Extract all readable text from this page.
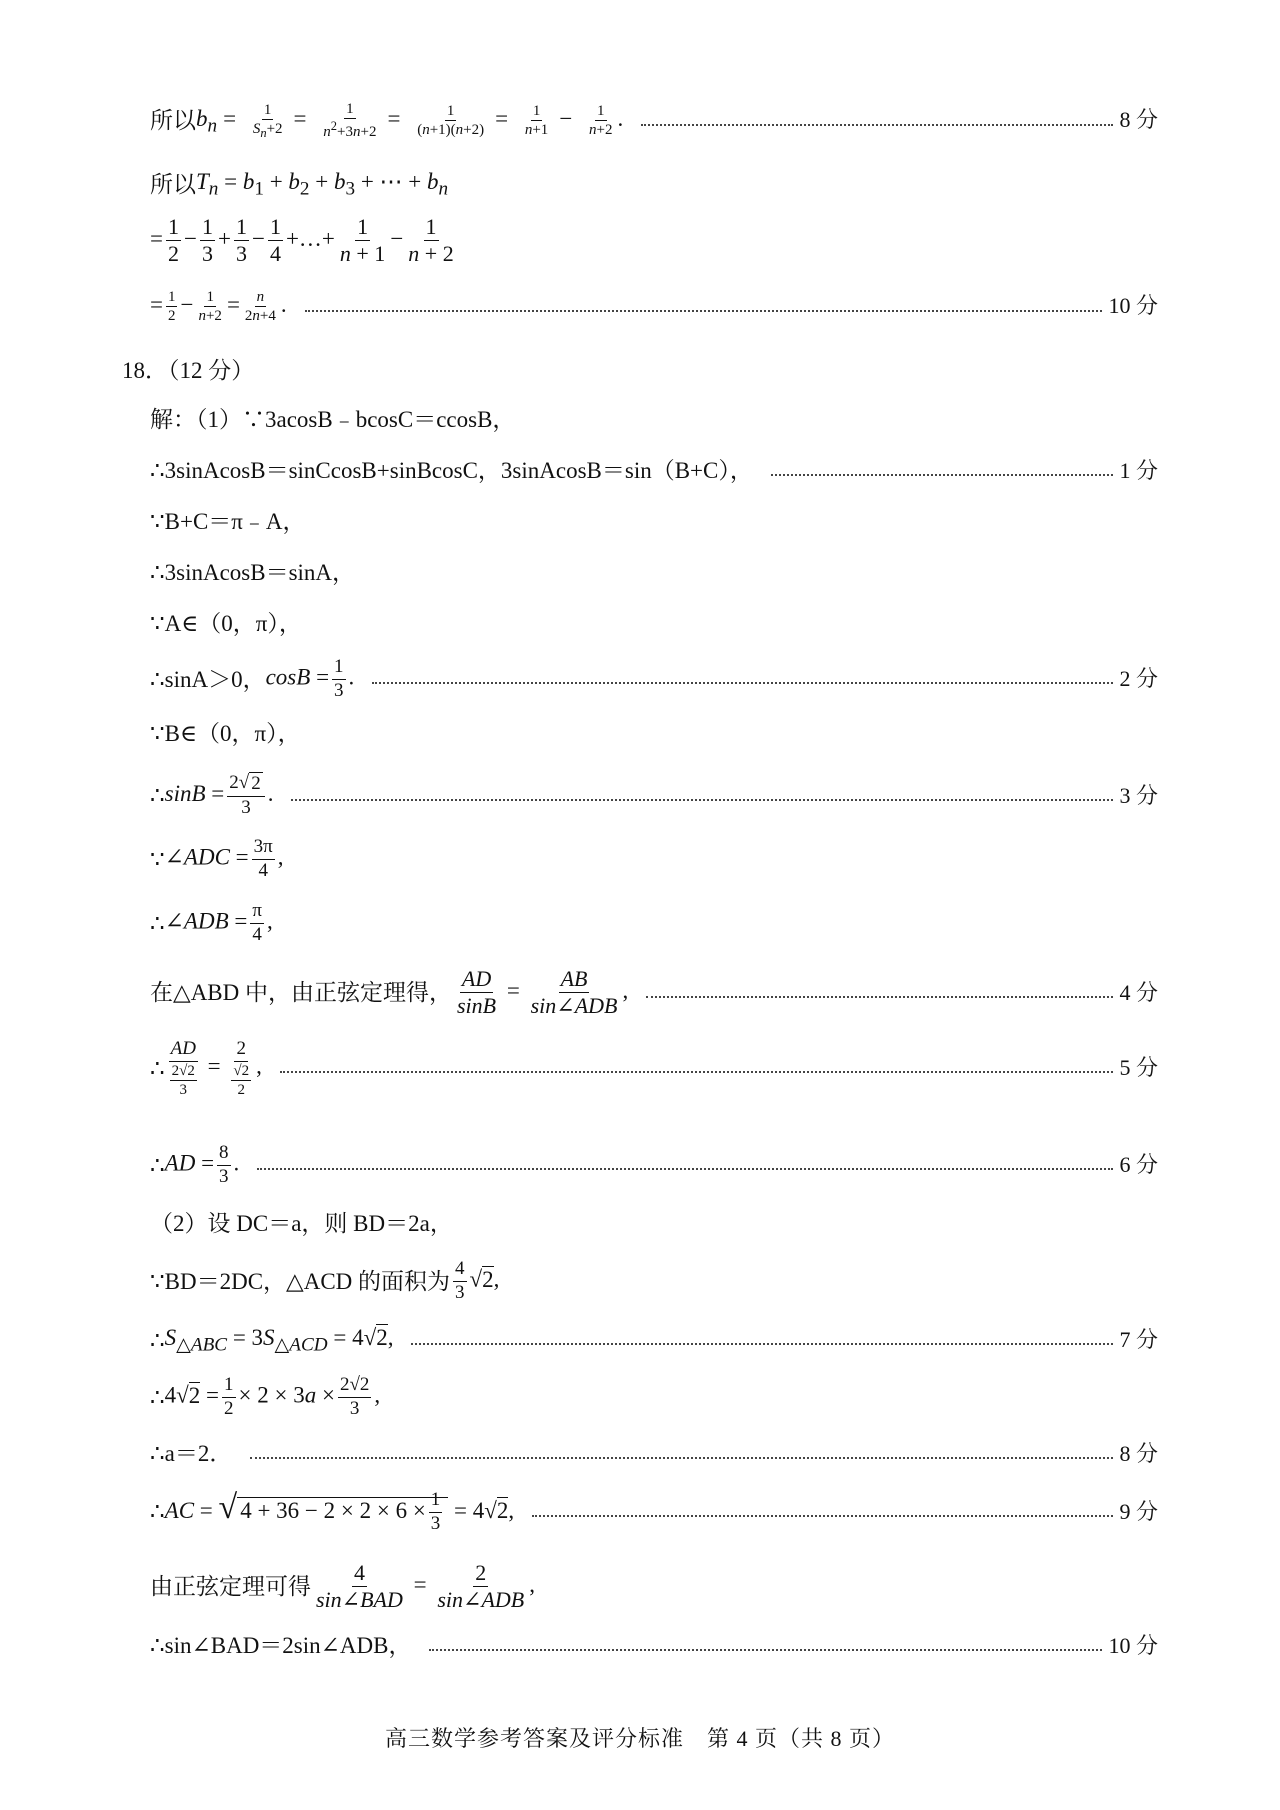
所以 $b_n = \frac{1}{S_n+2} = \frac{1}{n^2+3n+2} = \frac{1}{(n+1)(n+2)} = \frac{1}{n+1} - \frac{1}{n+2}$ .	8 分
所以 $T_n = b_1 + b_2 + b_3$ + ⋯ + $b_n$
= $\frac{1}{2} - \frac{1}{3} + \frac{1}{3} - \frac{1}{4}$ +…+ $\frac{1}{n + 1} - \frac{1}{n + 2}$
= $\frac{1}{2} - \frac{1}{n+2} = \frac{n}{2n+4}$ .	10 分
18．（12 分）
解：（1）∵3acosB﹣bcosC＝ccosB，
∴3sinAcosB＝sinCcosB+sinBcosC，3sinAcosB＝sin（B+C），	1 分
∵B+C＝π﹣A，
∴3sinAcosB＝sinA，
∵A∈（0，π），
∴sinA＞0， $\cos B = \frac{1}{3}$ .	2 分
∵B∈（0，π），
∴ $\sin B = \frac{2√ 2}{3}$ .	3 分
∵ ∠ADC = $\frac{3\pi}{4}$ ,
∴ ∠ADB = $\frac{\pi}{4}$ ,
在△ABD 中，由正弦定理得， $\frac{AD}{\sin B} = \frac{AB}{\text{sin∠ADB}}$ ,	4 分
∴ $\frac{AD}{\frac{2√2}{3}} = \frac{2}{\frac{√2}{2}}$ ,	5 分
∴ AD = $\frac{8}{3}$ .	6 分
（2）设 DC＝a，则 BD＝2a，
∵BD＝2DC，△ACD 的面积为 $\frac{4}{3} √2$,
∴ $S_{\triangle ABC} = 3S_{\triangle ACD} = 4√2$,	7 分
∴ $4√2 = \frac{1}{2} \times 2 \times 3a \times \frac{2√2}{3}$ ,
∴a＝2．	8 分
∴ AC = √ $4 + 36 - 2 \times 2 \times 6 \times \frac{1}{3} = 4√2$,	9 分
由正弦定理可得 $\frac{4}{\text{sin∠BAD}} = \frac{2}{\text{sin∠ADB}}$ ,
∴sin∠BAD＝2sin∠ADB，	10 分
高三数学参考答案及评分标准　第 4 页（共 8 页）
